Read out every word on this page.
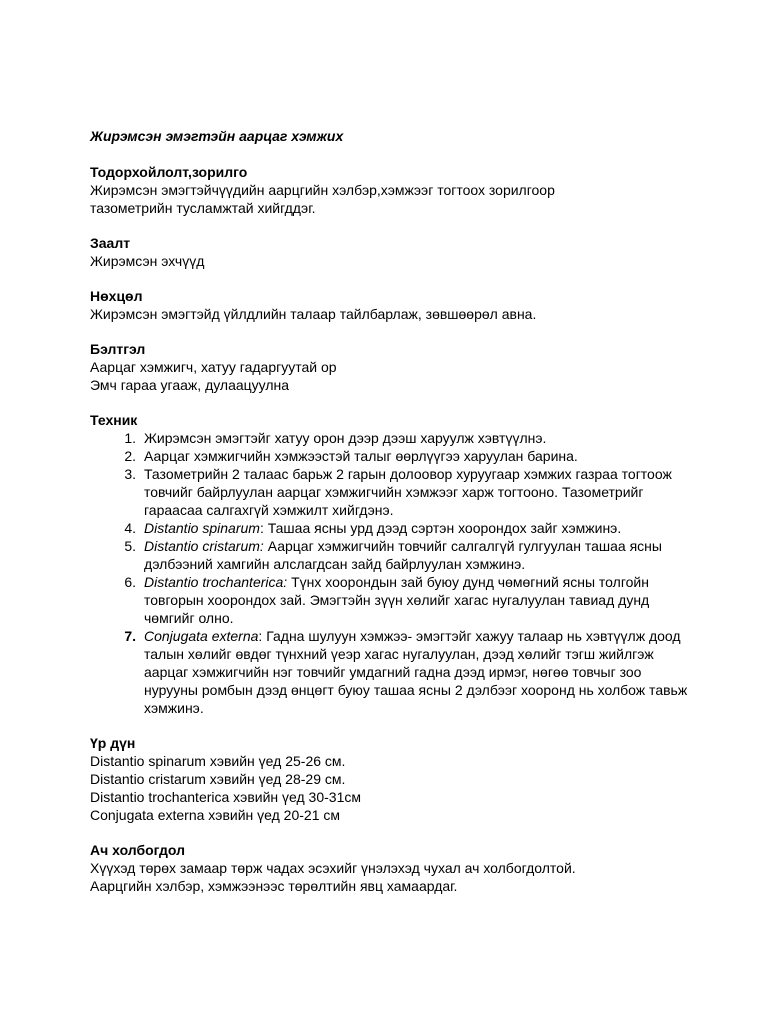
Жирэмсэн эмэгтэйн аарцаг хэмжих
Тодорхойлолт,зорилго
Жирэмсэн эмэгтэйчүүдийн аарцгийн хэлбэр,хэмжээг тогтоох зорилгоор
тазометрийн тусламжтай хийгддэг.
Заалт
Жирэмсэн эхчүүд
Нөхцөл
Жирэмсэн эмэгтэйд үйлдлийн талаар тайлбарлаж, зөвшөөрөл авна.
Бэлтгэл
Аарцаг хэмжигч, хатуу гадаргуутай ор
Эмч гараа угааж, дулаацуулна
Техник
1. Жирэмсэн эмэгтэйг хатуу орон дээр дээш харуулж хэвтүүлнэ.
2. Аарцаг хэмжигчийн хэмжээстэй талыг өөрлүүгээ харуулан барина.
3. Тазометрийн 2 талаас барьж 2 гарын долоовор хуруугаар хэмжих газраа тогтоож товчийг байрлуулан аарцаг хэмжигчийн хэмжээг харж тогтооно. Тазометрийг гараасаа салгахгүй хэмжилт хийгдэнэ.
4. Distantio spinarum: Ташаа ясны урд дээд сэртэн хоорондох зайг хэмжинэ.
5. Distantio cristarum: Аарцаг хэмжигчийн товчийг салгалгүй гулгуулан ташаа ясны дэлбээний хамгийн алслагдсан зайд байрлуулан хэмжинэ.
6. Distantio trochanterica: Түнх хоорондын зай буюу дунд чөмөгний ясны толгойн товгорын хоорондох зай. Эмэгтэйн зүүн хөлийг хагас нугалуулан тавиад дунд чөмгийг олно.
7. Conjugata externa: Гадна шулуун хэмжээ- эмэгтэйг хажуу талаар нь хэвтүүлж доод талын хөлийг өвдөг түнхний үеэр хагас нугалуулан, дээд хөлийг тэгш жийлгэж аарцаг хэмжигчийн нэг товчийг умдагний гадна дээд ирмэг, нөгөө товчыг зоо нурууны ромбын дээд өнцөгт буюу ташаа ясны 2 дэлбээг хооронд нь холбож тавьж хэмжинэ.
Үр дүн
Distantio spinarum хэвийн үед 25-26 см.
Distantio cristarum хэвийн үед 28-29 см.
Distantio trochanterica хэвийн үед 30-31см
Conjugata externa хэвийн үед 20-21 см
Ач холбогдол
Хүүхэд төрөх замаар төрж чадах эсэхийг үнэлэхэд чухал ач холбогдолтой.
Аарцгийн хэлбэр, хэмжээнээс төрөлтийн явц хамаардаг.
